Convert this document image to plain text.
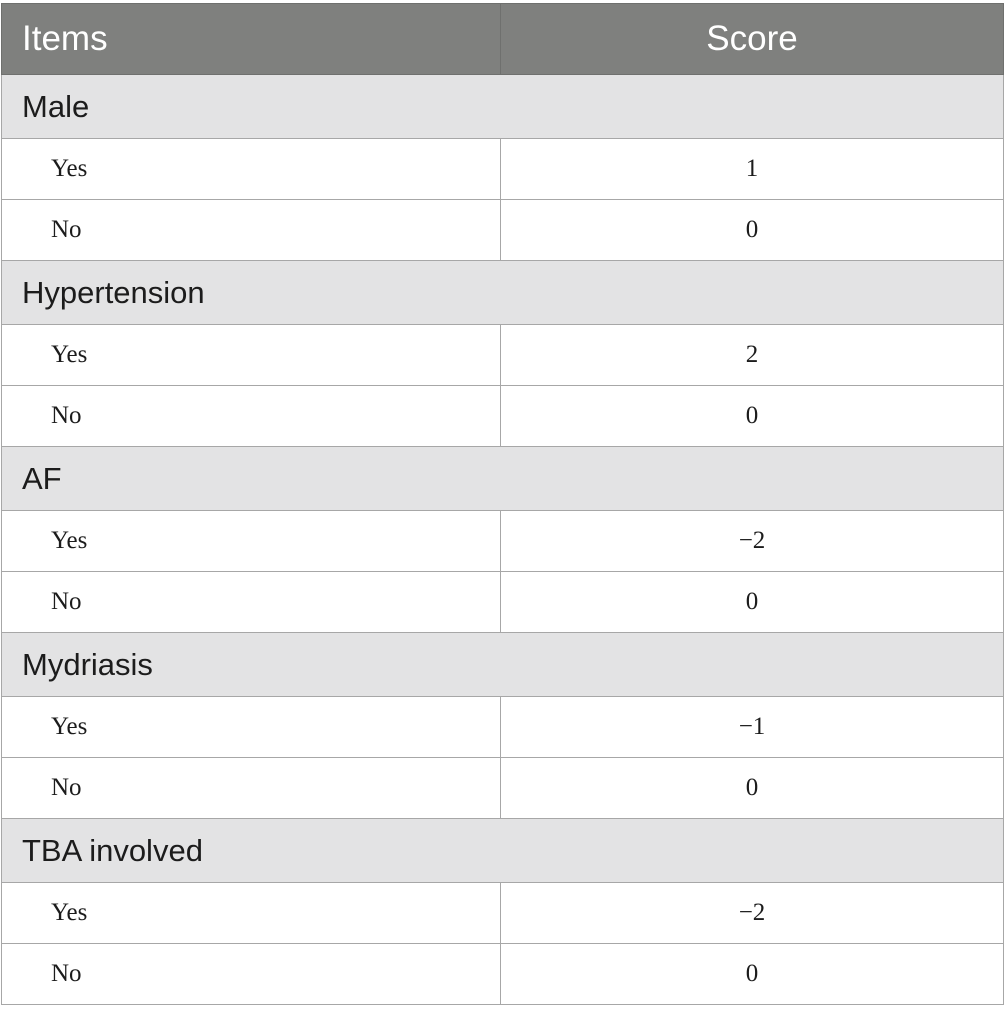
Items	Score
Male	
Yes	1
No	0
Hypertension	
Yes	2
No	0
AF	
Yes	−2
No	0
Mydriasis	
Yes	−1
No	0
TBA involved	
Yes	−2
No	0
